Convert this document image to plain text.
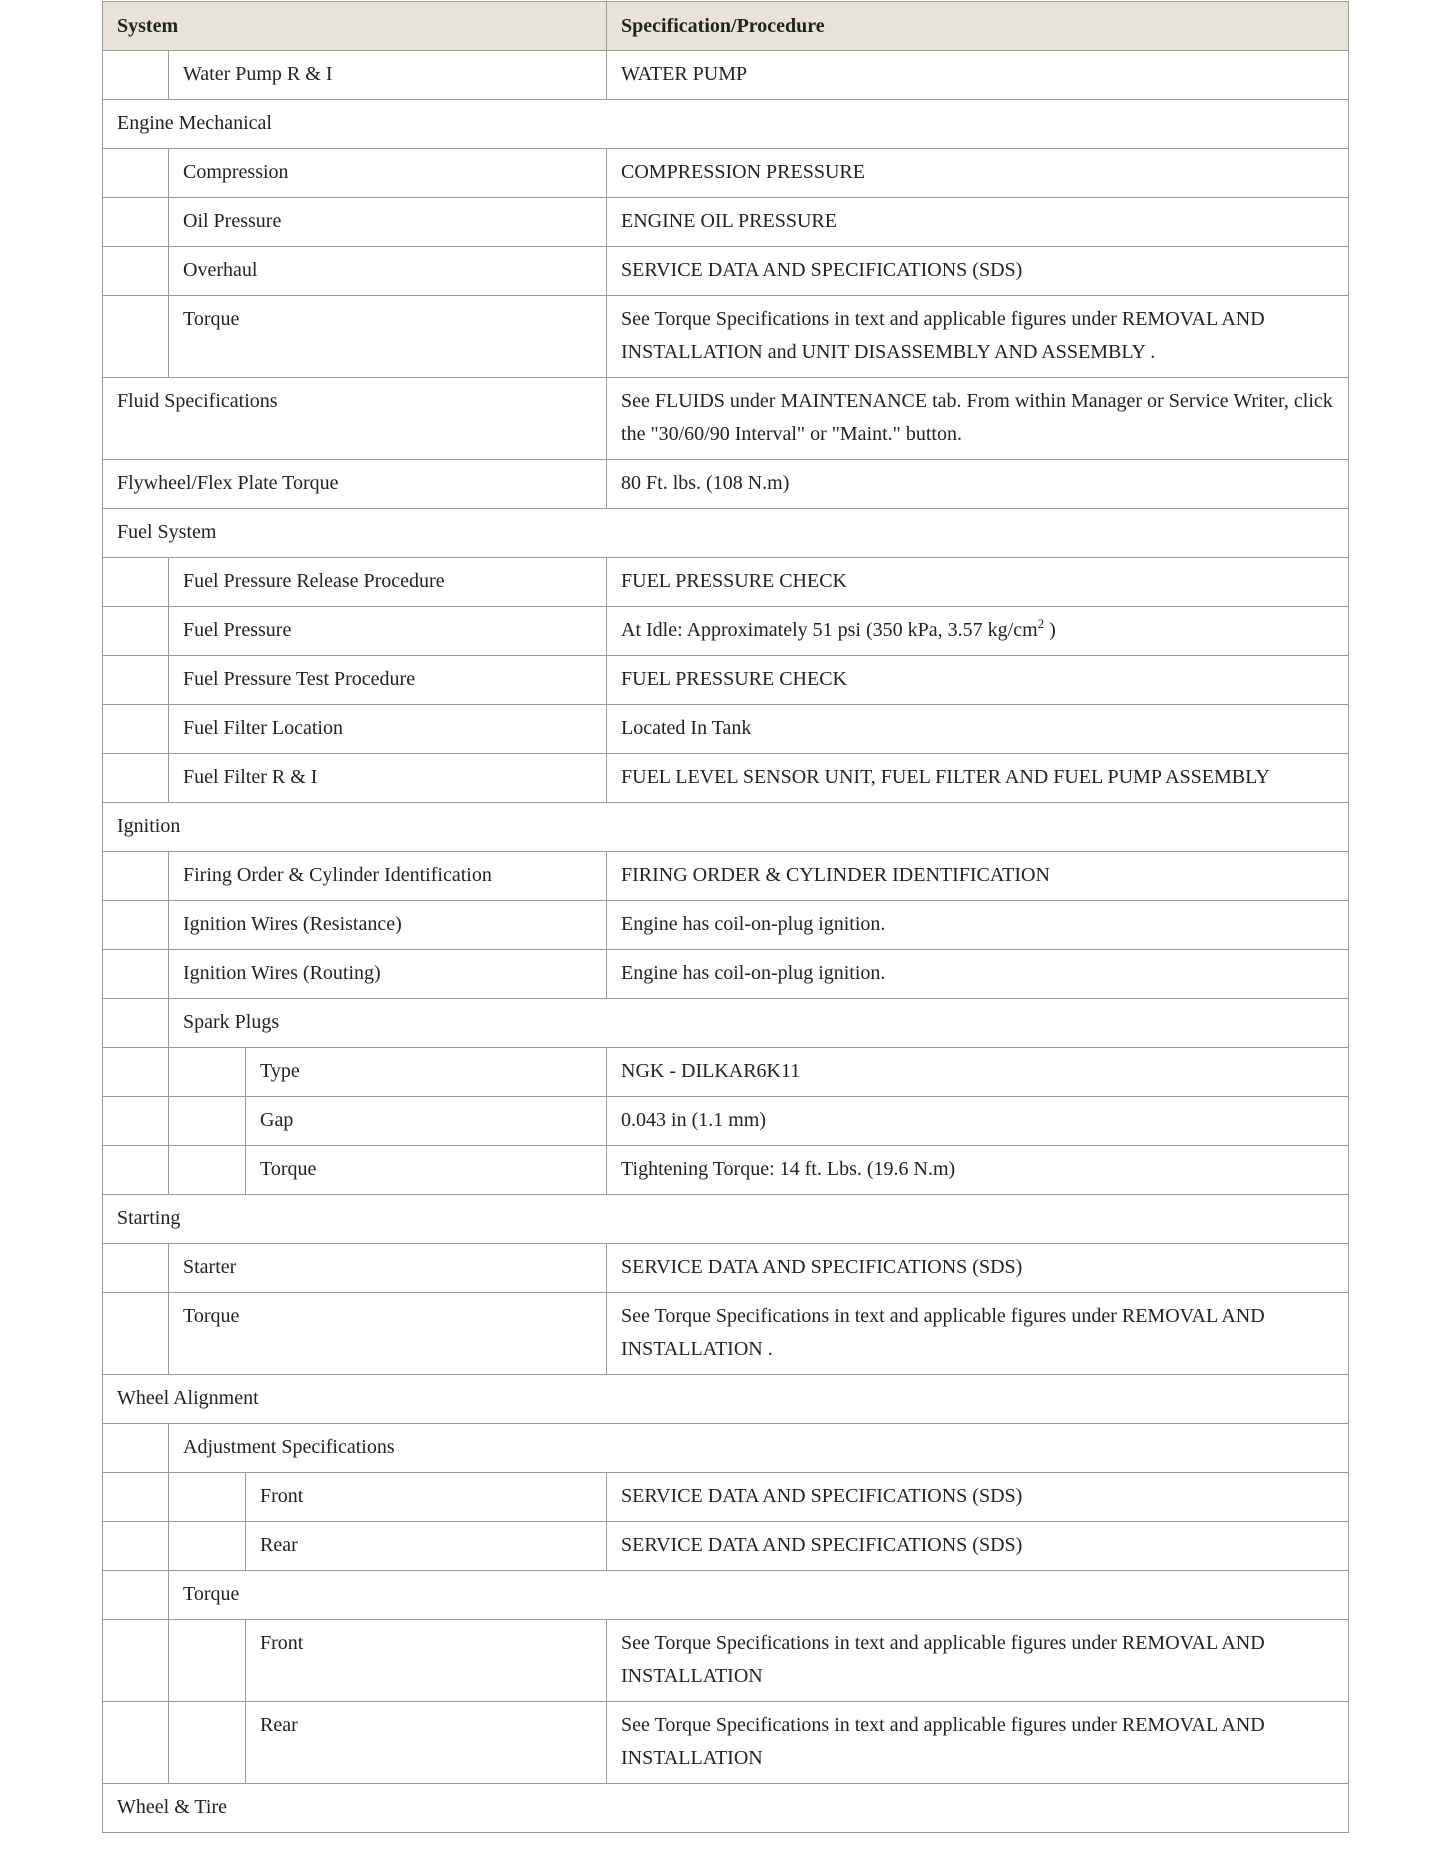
System			Specification/Procedure
	Water Pump R & I		WATER PUMP
Engine Mechanical			
	Compression		COMPRESSION PRESSURE
	Oil Pressure		ENGINE OIL PRESSURE
	Overhaul		SERVICE DATA AND SPECIFICATIONS (SDS)
	Torque		See Torque Specifications in text and applicable figures under REMOVAL AND INSTALLATION and UNIT DISASSEMBLY AND ASSEMBLY .
Fluid Specifications			See FLUIDS under MAINTENANCE tab. From within Manager or Service Writer, click the "30/60/90 Interval" or "Maint." button.
Flywheel/Flex Plate Torque			80 Ft. lbs. (108 N.m)
Fuel System			
	Fuel Pressure Release Procedure		FUEL PRESSURE CHECK
	Fuel Pressure		At Idle: Approximately 51 psi (350 kPa, 3.57 $kg/cm^2$ )
	Fuel Pressure Test Procedure		FUEL PRESSURE CHECK
	Fuel Filter Location		Located In Tank
	Fuel Filter R & I		FUEL LEVEL SENSOR UNIT, FUEL FILTER AND FUEL PUMP ASSEMBLY
Ignition			
	Firing Order & Cylinder Identification		FIRING ORDER & CYLINDER IDENTIFICATION
	Ignition Wires (Resistance)		Engine has coil-on-plug ignition.
	Ignition Wires (Routing)		Engine has coil-on-plug ignition.
	Spark Plugs		
		Type	NGK - DILKAR6K11
		Gap	0.043 in (1.1 mm)
		Torque	Tightening Torque: 14 ft. Lbs. (19.6 N.m)
Starting			
	Starter		SERVICE DATA AND SPECIFICATIONS (SDS)
	Torque		See Torque Specifications in text and applicable figures under REMOVAL AND INSTALLATION .
Wheel Alignment			
	Adjustment Specifications		
		Front	SERVICE DATA AND SPECIFICATIONS (SDS)
		Rear	SERVICE DATA AND SPECIFICATIONS (SDS)
	Torque		
		Front	See Torque Specifications in text and applicable figures under REMOVAL AND INSTALLATION
		Rear	See Torque Specifications in text and applicable figures under REMOVAL AND INSTALLATION
Wheel & Tire			
